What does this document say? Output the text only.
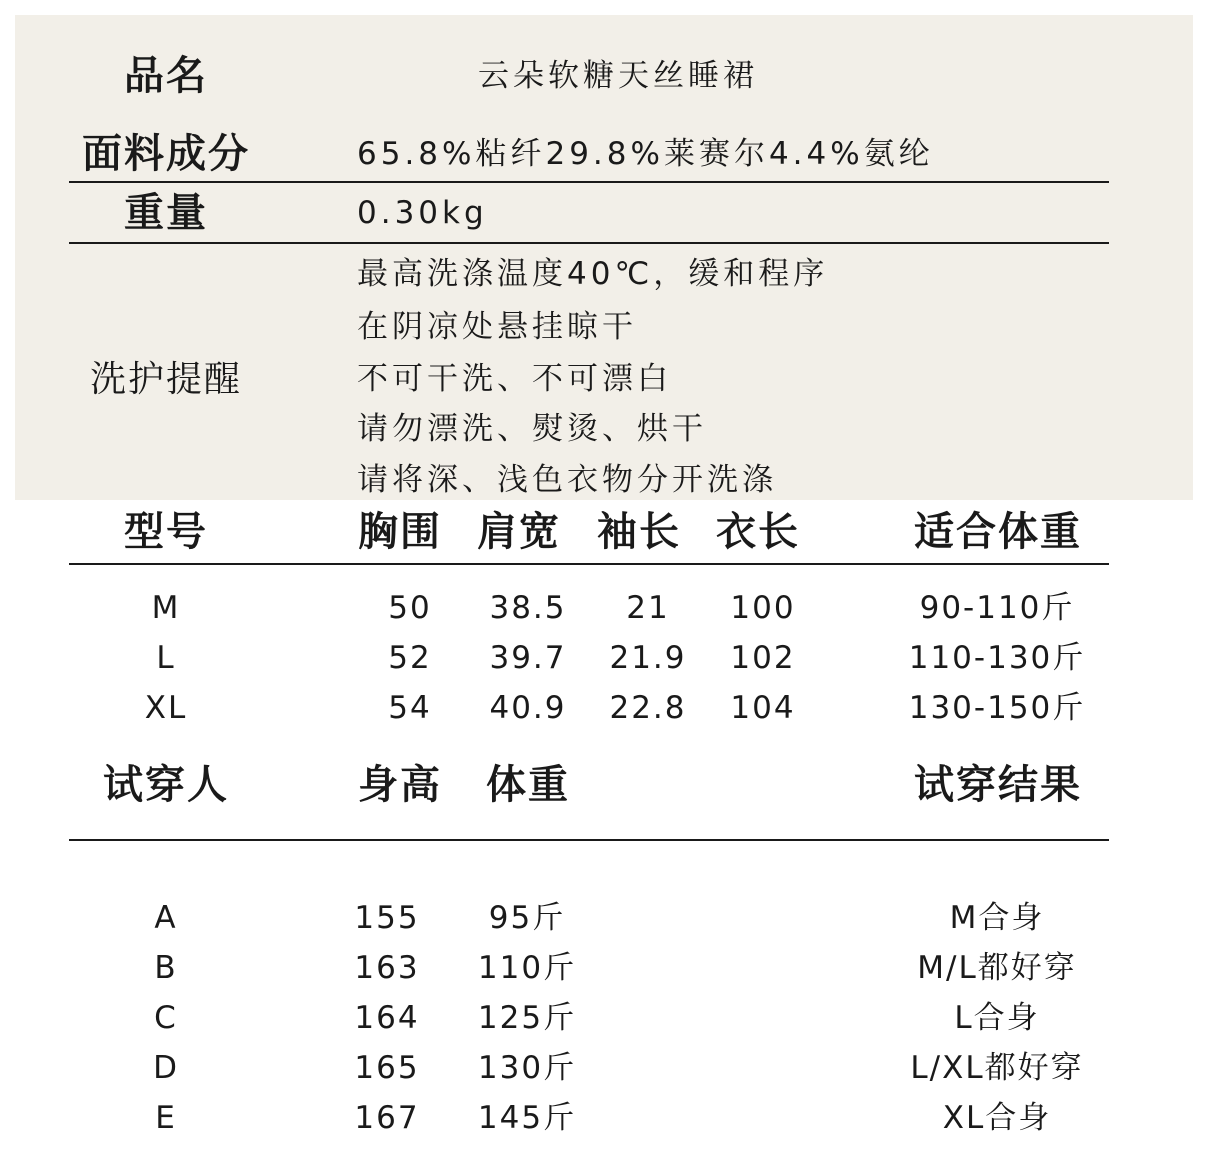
品名	云朵软糖天丝睡裙
面料成分	65.8%粘纤29.8%莱赛尔4.4%氨纶
重量	0.30kg
洗护提醒
最高洗涤温度40℃，缓和程序
在阴凉处悬挂晾干
不可干洗、不可漂白
请勿漂洗、熨烫、烘干
请将深、浅色衣物分开洗涤
型号	胸围 肩宽 袖长 衣长	适合体重
M	50 38.5 21 100	90-110斤
L	52 39.7 21.9 102	110-130斤
XL	54 40.9 22.8 104	130-150斤
试穿人	身高 体重	试穿结果
A	155 95斤	M合身
B	163 110斤	M/L都好穿
C	164 125斤	L合身
D	165 130斤	L/XL都好穿
E	167 145斤	XL合身
